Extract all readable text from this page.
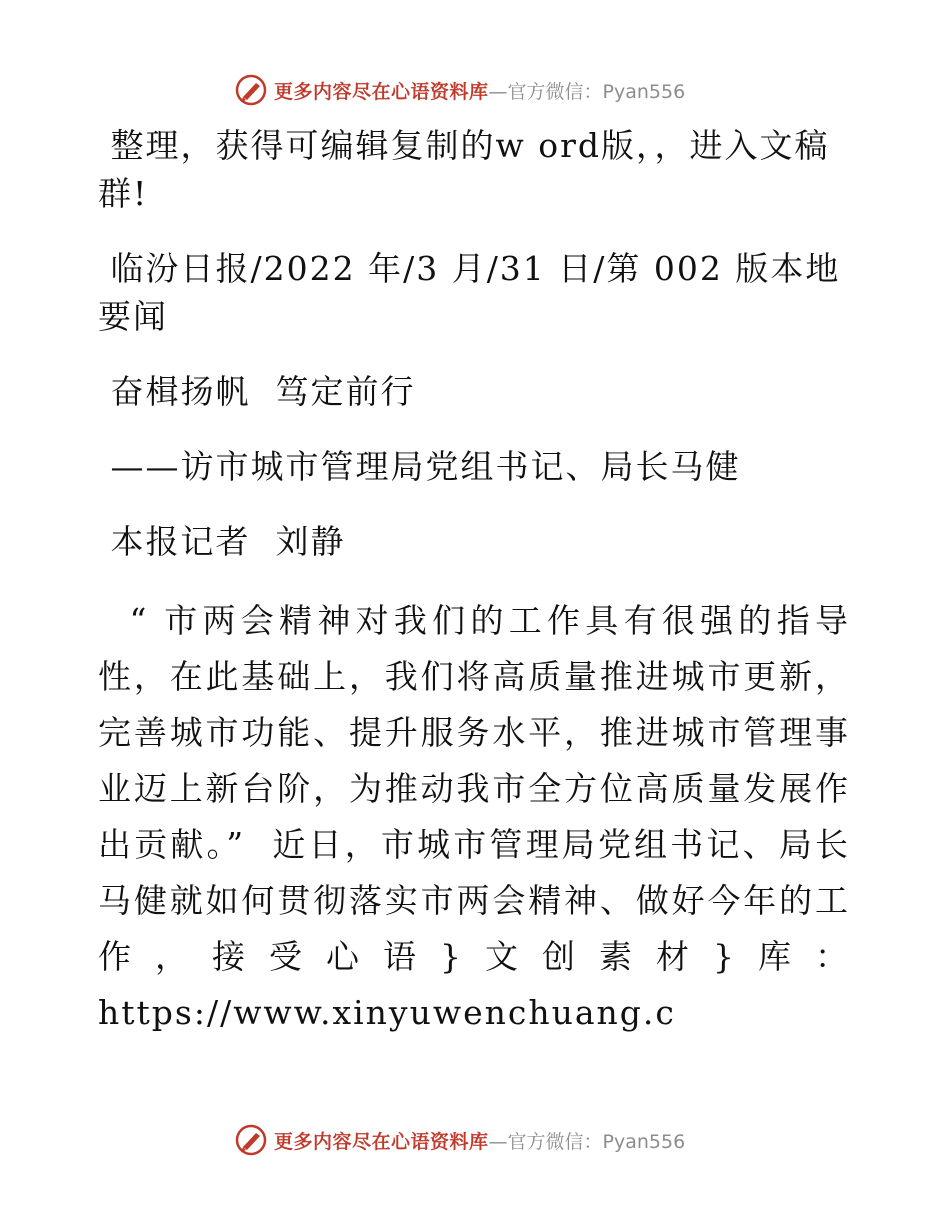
更多内容尽在心语资料库 —官方微信：Pyan556

整理，获得可编辑复制的w ord版，，进入文稿群!

临汾日报/2022 年/3 月/31 日/第 002 版本地要闻

奋楫扬帆  笃定前行

——访市城市管理局党组书记、局长马健

本报记者  刘静

“ 市两会精神对我们的工作具有很强的指导性，在此基础上，我们将高质量推进城市更新，完善城市功能、提升服务水平，推进城市管理事业迈上新台阶，为推动我市全方位高质量发展作出贡献。”  近日，市城市管理局党组书记、局长马健就如何贯彻落实市两会精神、做好今年的工作，接受心语}文创素材}库：https://www.xinyuwenchuang.c

更多内容尽在心语资料库 —官方微信：Pyan556
